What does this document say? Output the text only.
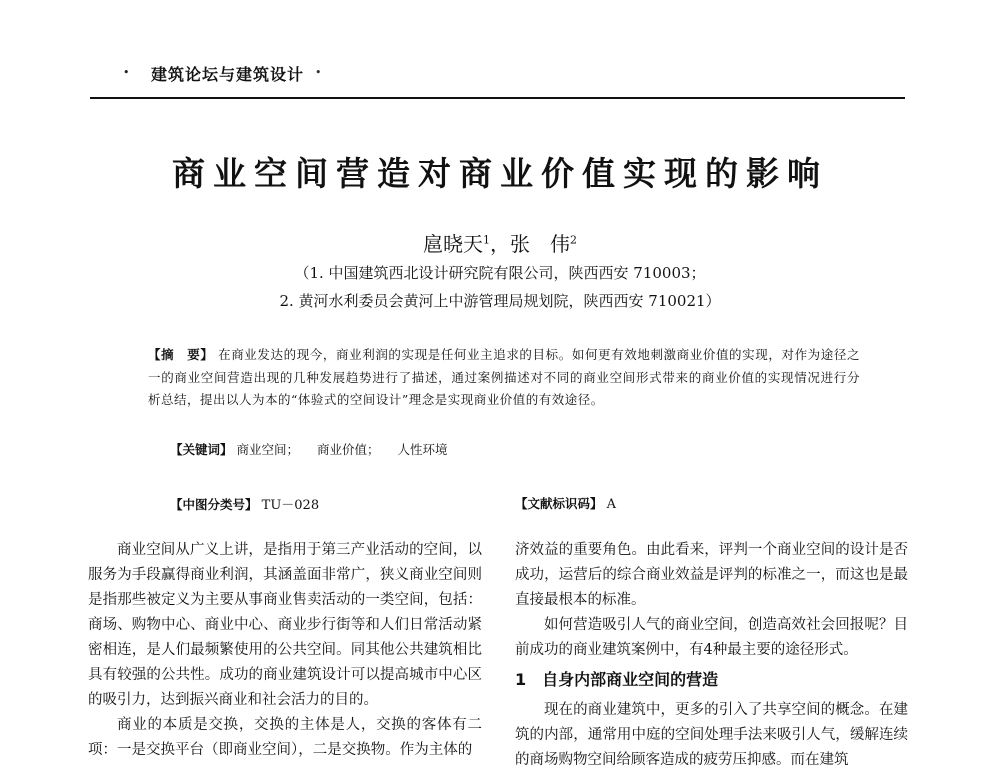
• 建筑论坛与建筑设计 •
商业空间营造对商业价值实现的影响
扈晓天$^1$，张　伟$^2$
（1. 中国建筑西北设计研究院有限公司，陕西西安 710003；
2. 黄河水利委员会黄河上中游管理局规划院，陕西西安 710021）
【摘　要】 在商业发达的现今，商业利润的实现是任何业主追求的目标。如何更有效地刺激商业价值的实现，对作为途径之一的商业空间营造出现的几种发展趋势进行了描述，通过案例描述对不同的商业空间形式带来的商业价值的实现情况进行分析总结，提出以人为本的“体验式的空间设计”理念是实现商业价值的有效途径。
【关键词】 商业空间； 商业价值； 人性环境
【中图分类号】 TU－028	【文献标识码】 A

商业空间从广义上讲，是指用于第三产业活动的空间，以服务为手段赢得商业利润，其涵盖面非常广，狭义商业空间则是指那些被定义为主要从事商业售卖活动的一类空间，包括：商场、购物中心、商业中心、商业步行街等和人们日常活动紧密相连，是人们最频繁使用的公共空间。同其他公共建筑相比具有较强的公共性。成功的商业建筑设计可以提高城市中心区的吸引力，达到振兴商业和社会活力的目的。

商业的本质是交换，交换的主体是人，交换的客体有二项：一是交换平台（即商业空间），二是交换物。作为主体的

济效益的重要角色。由此看来，评判一个商业空间的设计是否成功，运营后的综合商业效益是评判的标准之一，而这也是最直接最根本的标准。

如何营造吸引人气的商业空间，创造高效社会回报呢？目前成功的商业建筑案例中，有4种最主要的途径形式。

1 自身内部商业空间的营造

现在的商业建筑中，更多的引入了共享空间的概念。在建筑的内部，通常用中庭的空间处理手法来吸引人气，缓解连续的商场购物空间给顾客造成的疲劳压抑感。而在建筑
